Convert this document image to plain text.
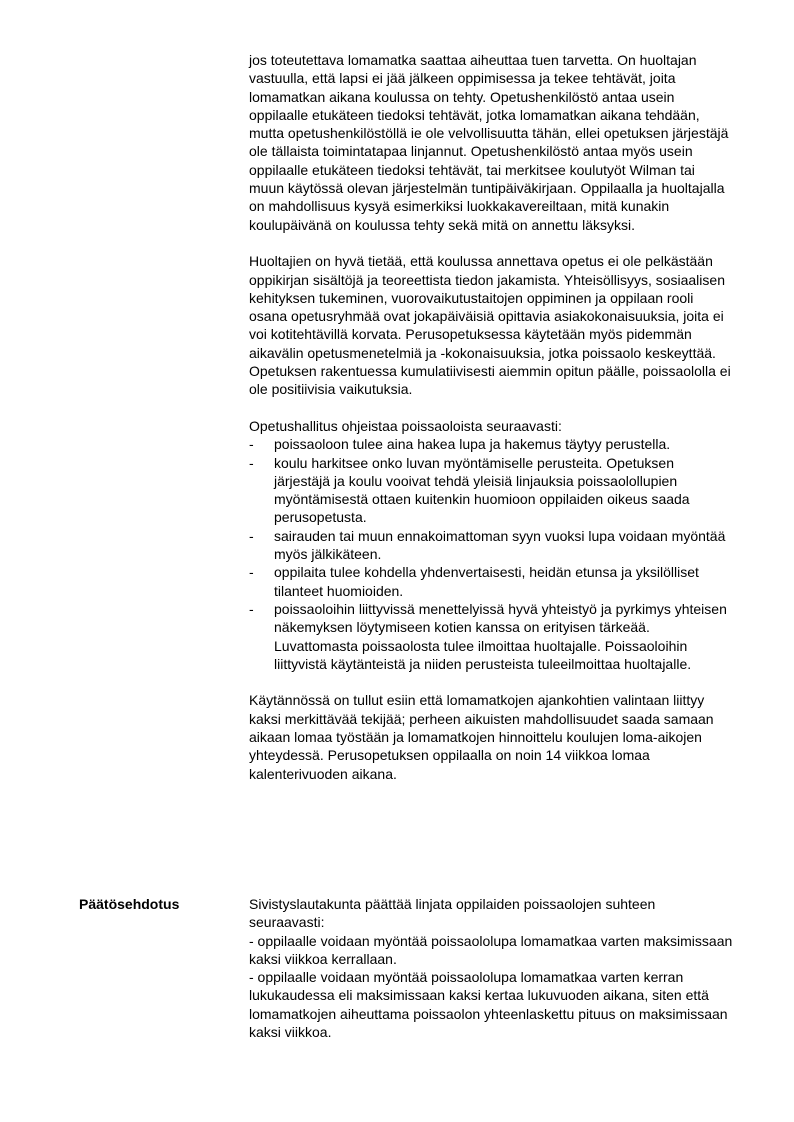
jos toteutettava lomamatka saattaa aiheuttaa tuen tarvetta. On huoltajan vastuulla, että lapsi ei jää jälkeen oppimisessa ja tekee tehtävät, joita lomamatkan aikana koulussa on tehty. Opetushenkilöstö antaa usein oppilaalle etukäteen tiedoksi tehtävät, jotka lomamatkan aikana tehdään, mutta opetushenkilöstöllä ie ole velvollisuutta tähän, ellei opetuksen järjestäjä ole tällaista toimintatapaa linjannut. Opetushenkilöstö antaa myös usein oppilaalle etukäteen tiedoksi tehtävät, tai merkitsee koulutyöt Wilman tai muun käytössä olevan järjestelmän tuntipäiväkirjaan. Oppilaalla ja huoltajalla on mahdollisuus kysyä esimerkiksi luokkakavereiltaan, mitä kunakin koulupäivänä on koulussa tehty sekä mitä on annettu läksyksi.

Huoltajien on hyvä tietää, että koulussa annettava opetus ei ole pelkästään oppikirjan sisältöjä ja teoreettista tiedon jakamista. Yhteisöllisyys, sosiaalisen kehityksen tukeminen, vuorovaikutustaitojen oppiminen ja oppilaan rooli osana opetusryhmää ovat jokapäiväisiä opittavia asiakokonaisuuksia, joita ei voi kotitehtävillä korvata. Perusopetuksessa käytetään myös pidemmän aikavälin opetusmenetelmiä ja -kokonaisuuksia, jotka poissaolo keskeyttää. Opetuksen rakentuessa kumulatiivisesti aiemmin opitun päälle, poissaololla ei ole positiivisia vaikutuksia.

Opetushallitus ohjeistaa poissaoloista seuraavasti:

- poissaoloon tulee aina hakea lupa ja hakemus täytyy perustella.
- koulu harkitsee onko luvan myöntämiselle perusteita. Opetuksen järjestäjä ja koulu vooivat tehdä yleisiä linjauksia poissaolollupien myöntämisestä ottaen kuitenkin huomioon oppilaiden oikeus saada perusopetusta.
- sairauden tai muun ennakoimattoman syyn vuoksi lupa voidaan myöntää myös jälkikäteen.
- oppilaita tulee kohdella yhdenvertaisesti, heidän etunsa ja yksilölliset tilanteet huomioiden.
- poissaoloihin liittyvissä menettelyissä hyvä yhteistyö ja pyrkimys yhteisen näkemyksen löytymiseen kotien kanssa on erityisen tärkeää. Luvattomasta poissaolosta tulee ilmoittaa huoltajalle. Poissaoloihin liittyvistä käytänteistä ja niiden perusteista tuleeilmoittaa huoltajalle.

Käytännössä on tullut esiin että lomamatkojen ajankohtien valintaan liittyy kaksi merkittävää tekijää; perheen aikuisten mahdollisuudet saada samaan aikaan lomaa työstään ja lomamatkojen hinnoittelu koulujen loma-aikojen yhteydessä. Perusopetuksen oppilaalla on noin 14 viikkoa lomaa kalenterivuoden aikana.

Päätösehdotus	Sivistyslautakunta päättää linjata oppilaiden poissaolojen suhteen seuraavasti:

- oppilaalle voidaan myöntää poissaololupa lomamatkaa varten maksimissaan kaksi viikkoa kerrallaan.

- oppilaalle voidaan myöntää poissaololupa lomamatkaa varten kerran lukukaudessa eli maksimissaan kaksi kertaa lukuvuoden aikana, siten että lomamatkojen aiheuttama poissaolon yhteenlaskettu pituus on maksimissaan kaksi viikkoa.
